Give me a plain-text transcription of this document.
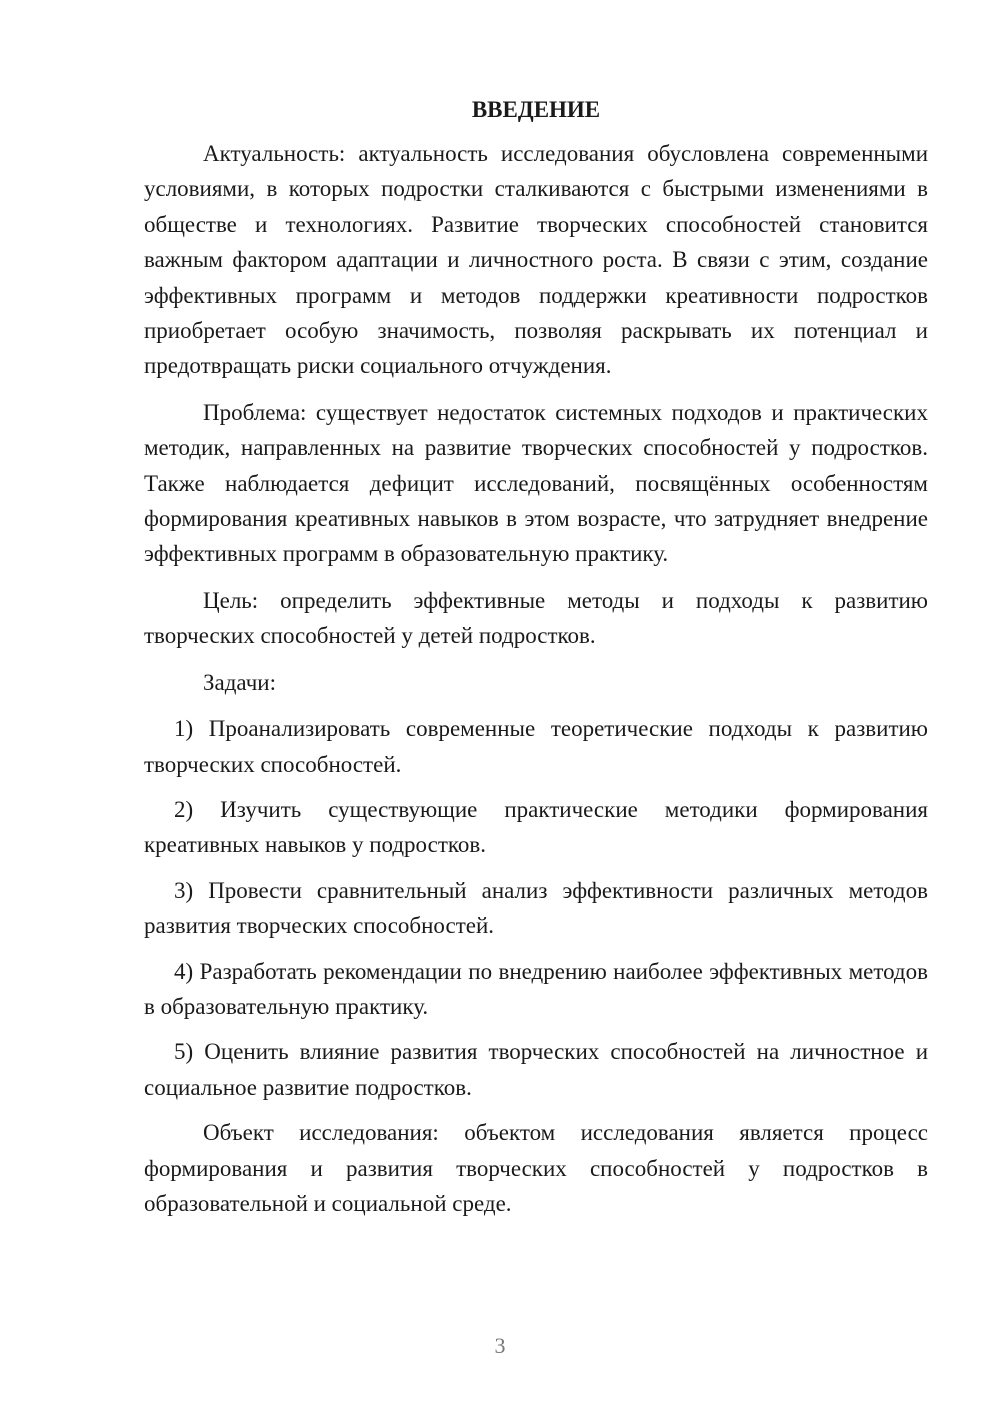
ВВЕДЕНИЕ

Актуальность: актуальность исследования обусловлена современными условиями, в которых подростки сталкиваются с быстрыми изменениями в обществе и технологиях. Развитие творческих способностей становится важным фактором адаптации и личностного роста. В связи с этим, создание эффективных программ и методов поддержки креативности подростков приобретает особую значимость, позволяя раскрывать их потенциал и предотвращать риски социального отчуждения.

Проблема: существует недостаток системных подходов и практических методик, направленных на развитие творческих способностей у подростков. Также наблюдается дефицит исследований, посвящённых особенностям формирования креативных навыков в этом возрасте, что затрудняет внедрение эффективных программ в образовательную практику.

Цель: определить эффективные методы и подходы к развитию творческих способностей у детей подростков.

Задачи:

1) Проанализировать современные теоретические подходы к развитию творческих способностей.

2) Изучить существующие практические методики формирования креативных навыков у подростков.

3) Провести сравнительный анализ эффективности различных методов развития творческих способностей.

4) Разработать рекомендации по внедрению наиболее эффективных методов в образовательную практику.

5) Оценить влияние развития творческих способностей на личностное и социальное развитие подростков.

Объект исследования: объектом исследования является процесс формирования и развития творческих способностей у подростков в образовательной и социальной среде.

3
